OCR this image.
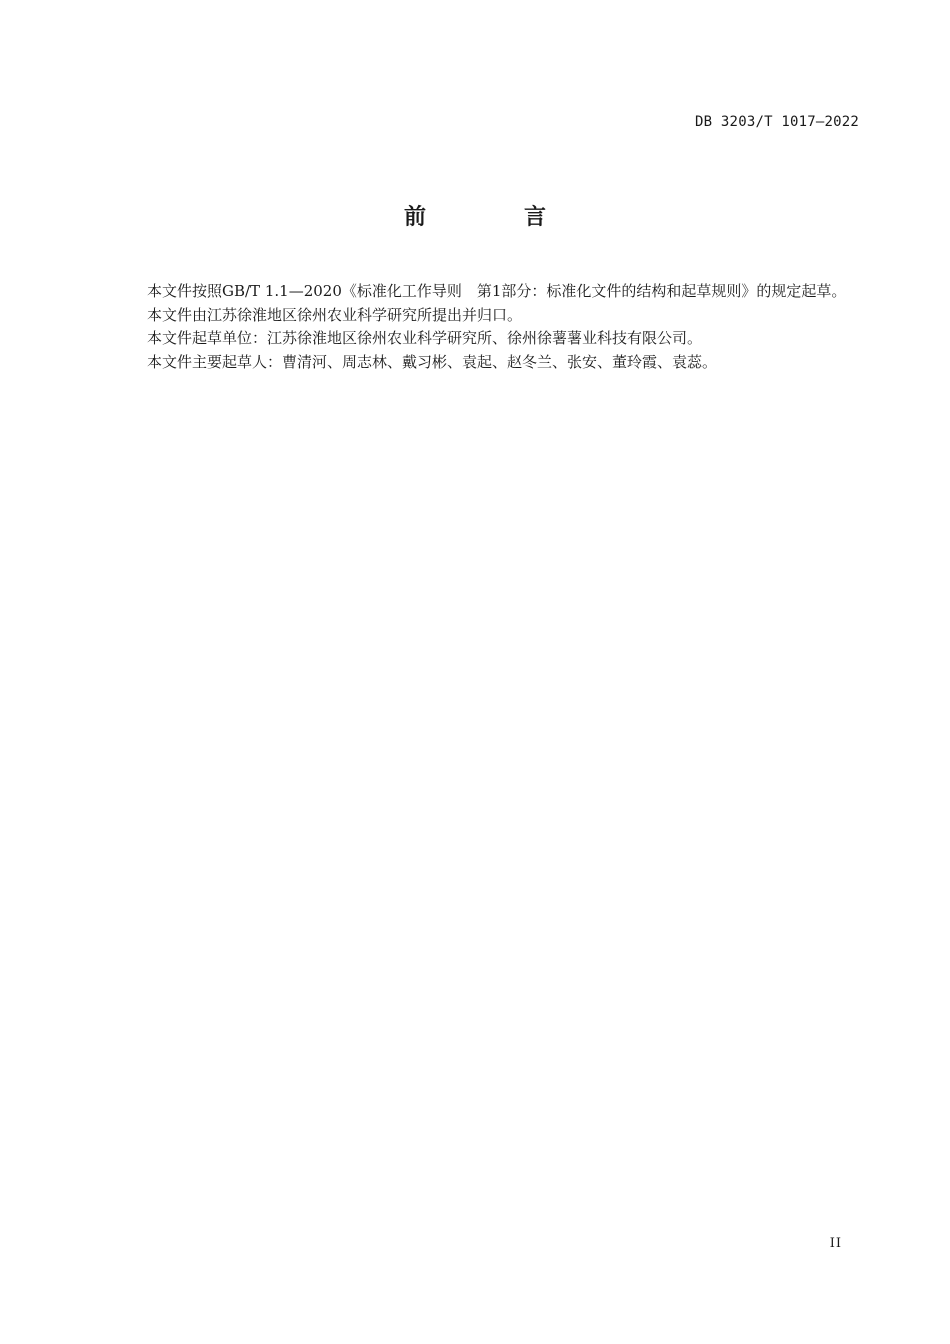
DB 3203/T 1017—2022
前　言

本文件按照GB/T 1.1—2020《标准化工作导则　第1部分：标准化文件的结构和起草规则》的规定起草。

本文件由江苏徐淮地区徐州农业科学研究所提出并归口。

本文件起草单位：江苏徐淮地区徐州农业科学研究所、徐州徐薯薯业科技有限公司。

本文件主要起草人：曹清河、周志林、戴习彬、袁起、赵冬兰、张安、董玲霞、袁蕊。

II
